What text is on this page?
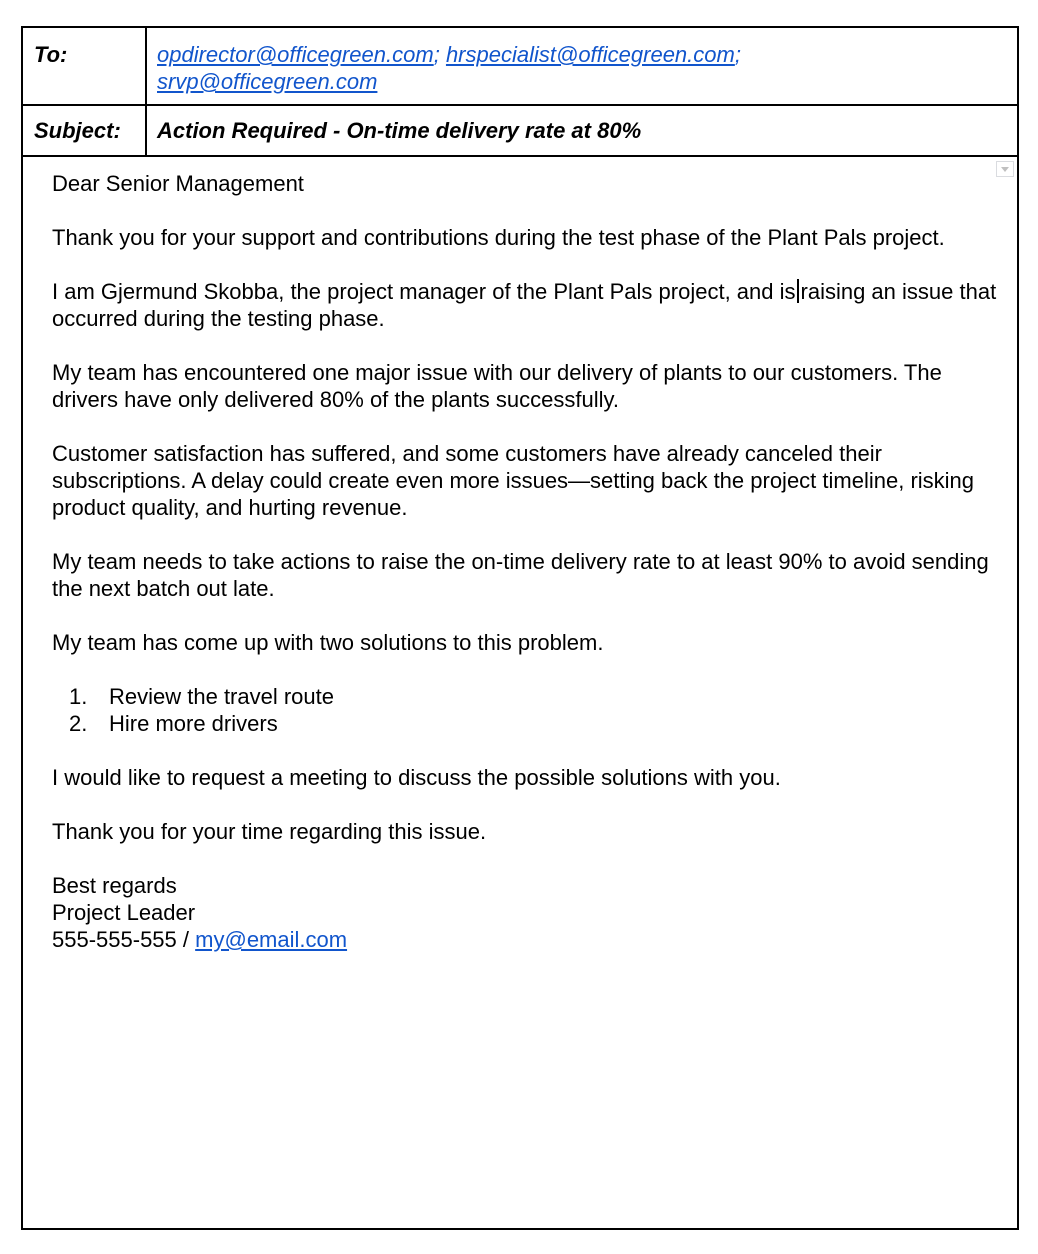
To:	opdirector@officegreen.com; hrspecialist@officegreen.com;
srvp@officegreen.com
Subject:	Action Required - On-time delivery rate at 80%

Dear Senior Management

Thank you for your support and contributions during the test phase of the Plant Pals project.

I am Gjermund Skobba, the project manager of the Plant Pals project, and is raising an issue that occurred during the testing phase.

My team has encountered one major issue with our delivery of plants to our customers. The drivers have only delivered 80% of the plants successfully.

Customer satisfaction has suffered, and some customers have already canceled their subscriptions. A delay could create even more issues—setting back the project timeline, risking product quality, and hurting revenue.

My team needs to take actions to raise the on-time delivery rate to at least 90% to avoid sending the next batch out late.

My team has come up with two solutions to this problem.

1. Review the travel route
2. Hire more drivers

I would like to request a meeting to discuss the possible solutions with you.

Thank you for your time regarding this issue.

Best regards

Project Leader

555-555-555 / my@email.com
